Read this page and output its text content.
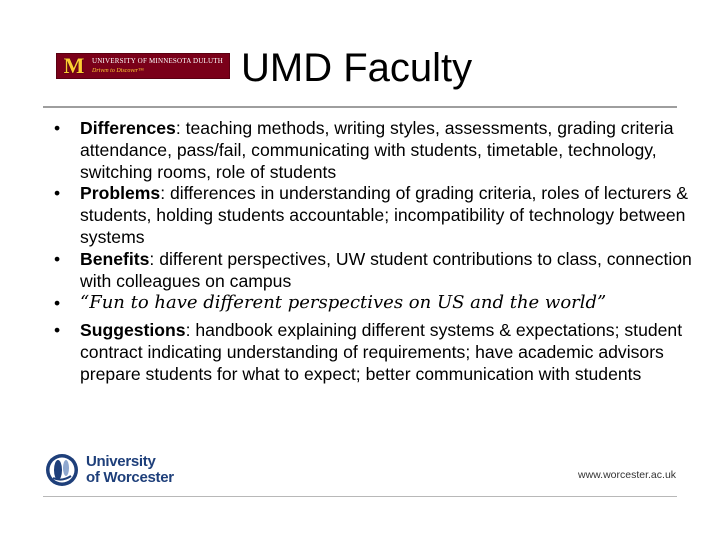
M	UNIVERSITY OF MINNESOTA DULUTH
Driven to Discover™	UMD Faculty
• Differences: teaching methods, writing styles, assessments, grading criteria attendance, pass/fail, communicating with students, timetable, technology, switching rooms, role of students
• Problems: differences in understanding of grading criteria, roles of lecturers & students, holding students accountable; incompatibility of technology between systems
• Benefits: different perspectives, UW student contributions to class, connection with colleagues on campus
• “Fun to have different perspectives on US and the world”
• Suggestions: handbook explaining different systems & expectations; student contract indicating understanding of requirements; have academic advisors prepare students for what to expect; better communication with students
University
of Worcester	www.worcester.ac.uk
